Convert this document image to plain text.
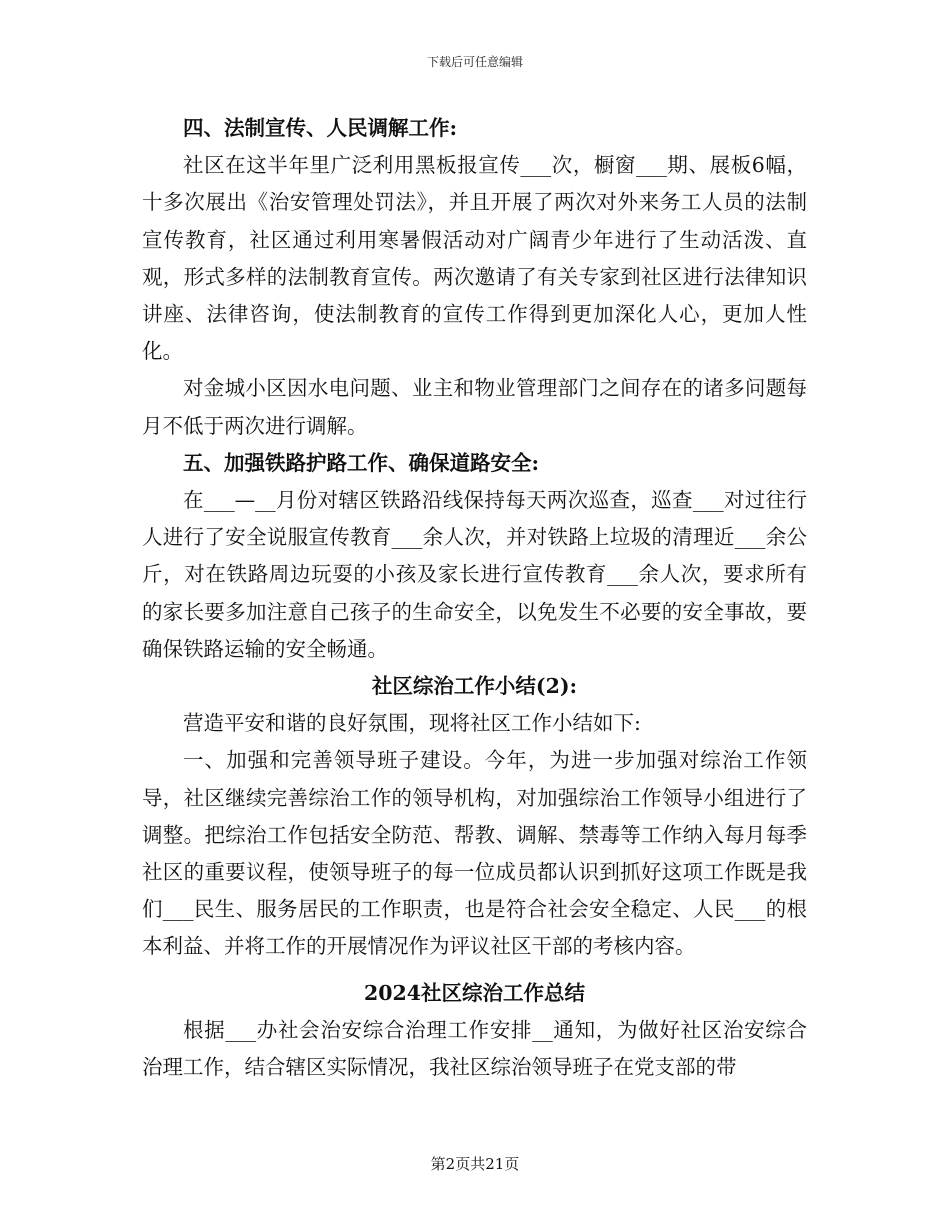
下载后可任意编辑

四、法制宣传、人民调解工作:

社区在这半年里广泛利用黑板报宣传___次，橱窗___期、展板6幅，十多次展出《治安管理处罚法》，并且开展了两次对外来务工人员的法制宣传教育，社区通过利用寒暑假活动对广阔青少年进行了生动活泼、直观，形式多样的法制教育宣传。两次邀请了有关专家到社区进行法律知识讲座、法律咨询，使法制教育的宣传工作得到更加深化人心，更加人性化。

对金城小区因水电问题、业主和物业管理部门之间存在的诸多问题每月不低于两次进行调解。

五、加强铁路护路工作、确保道路安全:

在___—__月份对辖区铁路沿线保持每天两次巡查，巡查___对过往行人进行了安全说服宣传教育___余人次，并对铁路上垃圾的清理近___余公斤，对在铁路周边玩耍的小孩及家长进行宣传教育___余人次，要求所有的家长要多加注意自己孩子的生命安全，以免发生不必要的安全事故，要确保铁路运输的安全畅通。

社区综治工作小结(2):

营造平安和谐的良好氛围，现将社区工作小结如下:

一、加强和完善领导班子建设。今年，为进一步加强对综治工作领导，社区继续完善综治工作的领导机构，对加强综治工作领导小组进行了调整。把综治工作包括安全防范、帮教、调解、禁毒等工作纳入每月每季社区的重要议程，使领导班子的每一位成员都认识到抓好这项工作既是我们___民生、服务居民的工作职责，也是符合社会安全稳定、人民___的根本利益、并将工作的开展情况作为评议社区干部的考核内容。

2024社区综治工作总结

根据___办社会治安综合治理工作安排__通知，为做好社区治安综合治理工作，结合辖区实际情况，我社区综治领导班子在党支部的带

第2页共21页
